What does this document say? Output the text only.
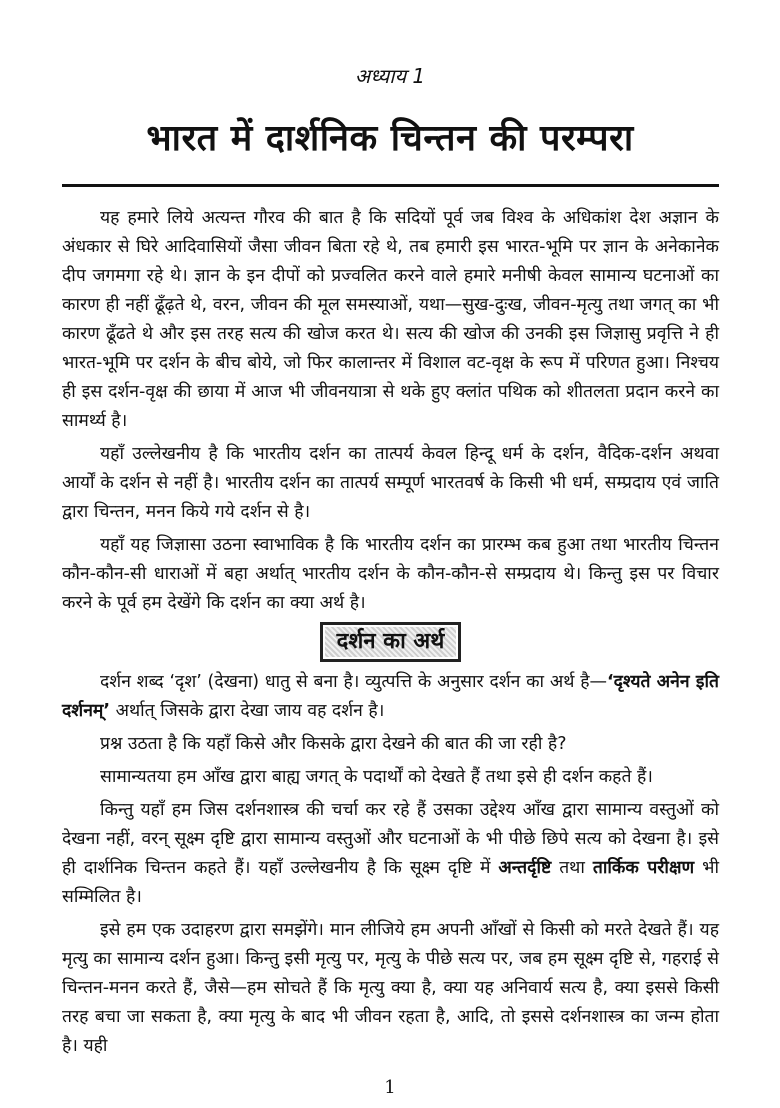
अध्याय 1
भारत में दार्शनिक चिन्तन की परम्परा

यह हमारे लिये अत्यन्त गौरव की बात है कि सदियों पूर्व जब विश्व के अधिकांश देश अज्ञान के अंधकार से घिरे आदिवासियों जैसा जीवन बिता रहे थे, तब हमारी इस भारत-भूमि पर ज्ञान के अनेकानेक दीप जगमगा रहे थे। ज्ञान के इन दीपों को प्रज्वलित करने वाले हमारे मनीषी केवल सामान्य घटनाओं का कारण ही नहीं ढूँढ़ते थे, वरन, जीवन की मूल समस्याओं, यथा—सुख-दुःख, जीवन-मृत्यु तथा जगत् का भी कारण ढूँढते थे और इस तरह सत्य की खोज करत थे। सत्य की खोज की उनकी इस जिज्ञासु प्रवृत्ति ने ही भारत-भूमि पर दर्शन के बीच बोये, जो फिर कालान्तर में विशाल वट-वृक्ष के रूप में परिणत हुआ। निश्चय ही इस दर्शन-वृक्ष की छाया में आज भी जीवनयात्रा से थके हुए क्लांत पथिक को शीतलता प्रदान करने का सामर्थ्य है।

यहाँ उल्लेखनीय है कि भारतीय दर्शन का तात्पर्य केवल हिन्दू धर्म के दर्शन, वैदिक-दर्शन अथवा आर्यों के दर्शन से नहीं है। भारतीय दर्शन का तात्पर्य सम्पूर्ण भारतवर्ष के किसी भी धर्म, सम्प्रदाय एवं जाति द्वारा चिन्तन, मनन किये गये दर्शन से है।

यहाँ यह जिज्ञासा उठना स्वाभाविक है कि भारतीय दर्शन का प्रारम्भ कब हुआ तथा भारतीय चिन्तन कौन-कौन-सी धाराओं में बहा अर्थात् भारतीय दर्शन के कौन-कौन-से सम्प्रदाय थे। किन्तु इस पर विचार करने के पूर्व हम देखेंगे कि दर्शन का क्या अर्थ है।

दर्शन का अर्थ

दर्शन शब्द ‘दृश’ (देखना) धातु से बना है। व्युत्पत्ति के अनुसार दर्शन का अर्थ है—‘दृश्यते अनेन इति दर्शनम्’ अर्थात् जिसके द्वारा देखा जाय वह दर्शन है।

प्रश्न उठता है कि यहाँ किसे और किसके द्वारा देखने की बात की जा रही है?

सामान्यतया हम आँख द्वारा बाह्य जगत् के पदार्थों को देखते हैं तथा इसे ही दर्शन कहते हैं।

किन्तु यहाँ हम जिस दर्शनशास्त्र की चर्चा कर रहे हैं उसका उद्देश्य आँख द्वारा सामान्य वस्तुओं को देखना नहीं, वरन् सूक्ष्म दृष्टि द्वारा सामान्य वस्तुओं और घटनाओं के भी पीछे छिपे सत्य को देखना है। इसे ही दार्शनिक चिन्तन कहते हैं। यहाँ उल्लेखनीय है कि सूक्ष्म दृष्टि में अन्तर्दृष्टि तथा तार्किक परीक्षण भी सम्मिलित है।

इसे हम एक उदाहरण द्वारा समझेंगे। मान लीजिये हम अपनी आँखों से किसी को मरते देखते हैं। यह मृत्यु का सामान्य दर्शन हुआ। किन्तु इसी मृत्यु पर, मृत्यु के पीछे सत्य पर, जब हम सूक्ष्म दृष्टि से, गहराई से चिन्तन-मनन करते हैं, जैसे—हम सोचते हैं कि मृत्यु क्या है, क्या यह अनिवार्य सत्य है, क्या इससे किसी तरह बचा जा सकता है, क्या मृत्यु के बाद भी जीवन रहता है, आदि, तो इससे दर्शनशास्त्र का जन्म होता है। यही

1
